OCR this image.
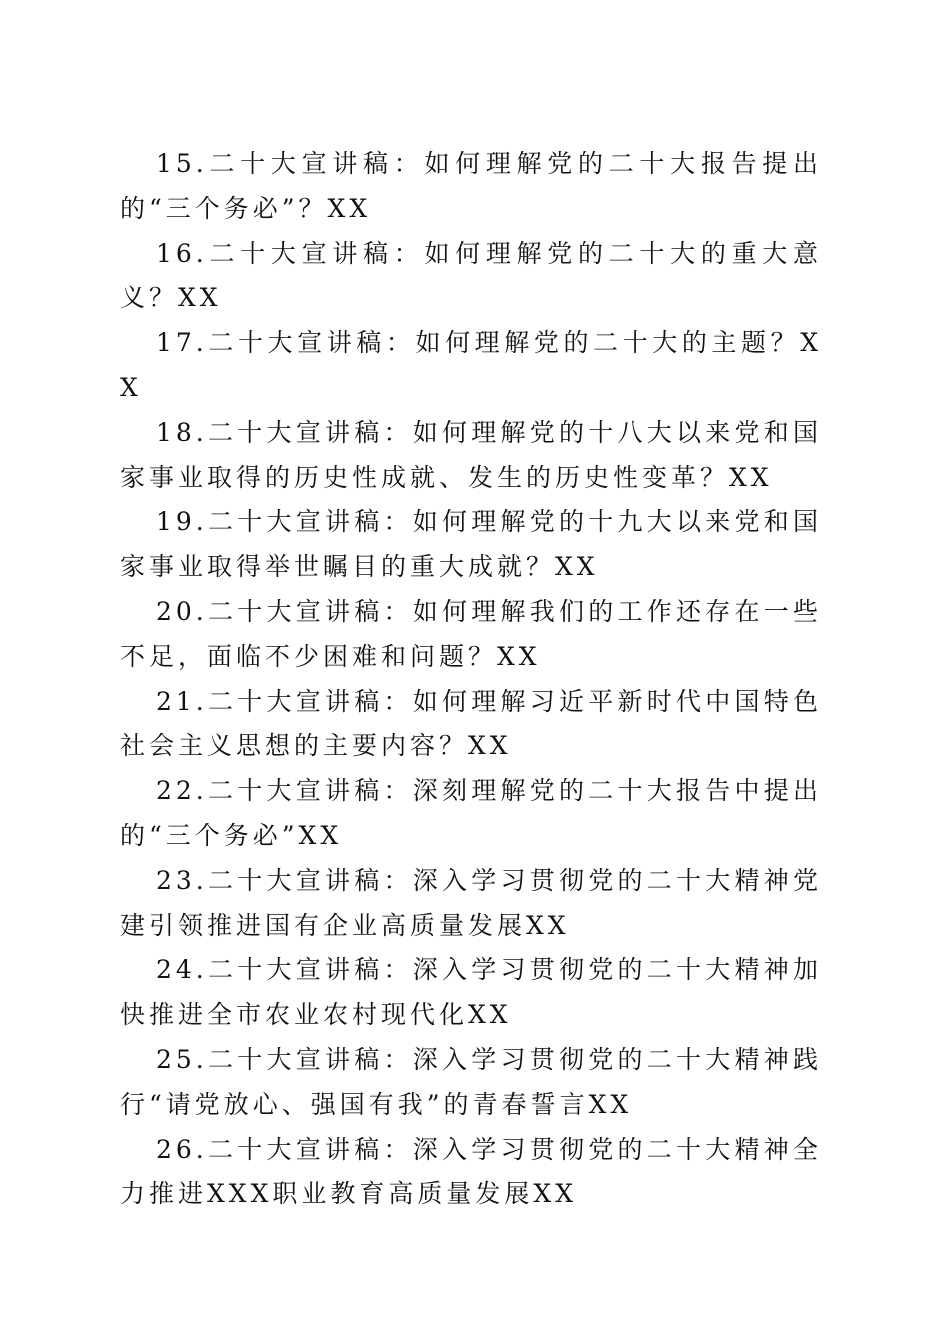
15.二十大宣讲稿：如何理解党的二十大报告提出的“三个务必”？XX

16.二十大宣讲稿：如何理解党的二十大的重大意义？XX

17.二十大宣讲稿：如何理解党的二十大的主题？XX

18.二十大宣讲稿：如何理解党的十八大以来党和国家事业取得的历史性成就、发生的历史性变革？XX

19.二十大宣讲稿：如何理解党的十九大以来党和国家事业取得举世瞩目的重大成就？XX

20.二十大宣讲稿：如何理解我们的工作还存在一些不足，面临不少困难和问题？XX

21.二十大宣讲稿：如何理解习近平新时代中国特色社会主义思想的主要内容？XX

22.二十大宣讲稿：深刻理解党的二十大报告中提出的“三个务必”XX

23.二十大宣讲稿：深入学习贯彻党的二十大精神党建引领推进国有企业高质量发展XX

24.二十大宣讲稿：深入学习贯彻党的二十大精神加快推进全市农业农村现代化XX

25.二十大宣讲稿：深入学习贯彻党的二十大精神践行“请党放心、强国有我”的青春誓言XX

26.二十大宣讲稿：深入学习贯彻党的二十大精神全力推进XXX职业教育高质量发展XX
